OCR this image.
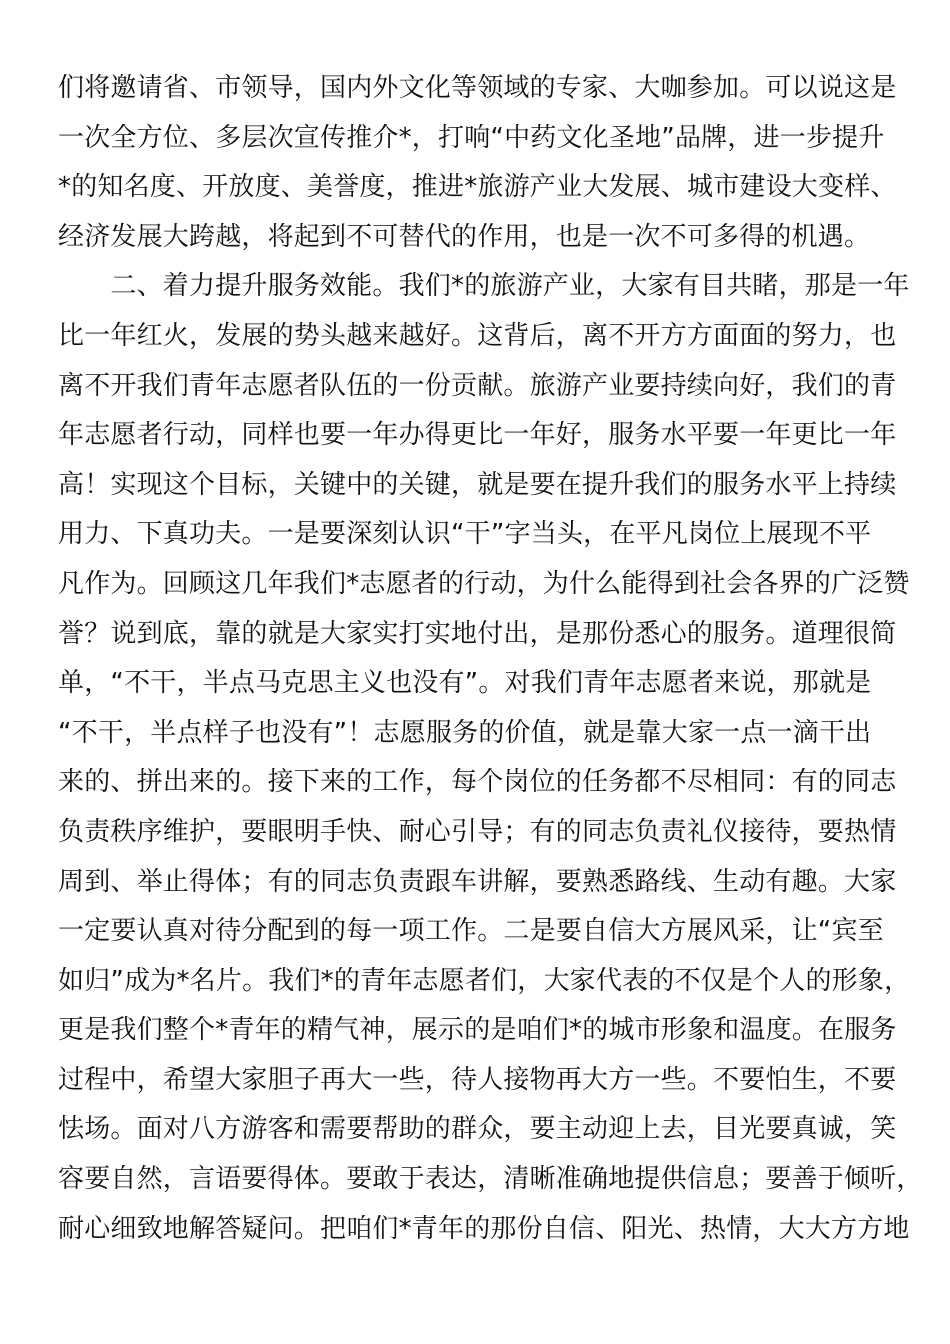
们将邀请省、市领导，国内外文化等领域的专家、大咖参加。可以说这是
一次全方位、多层次宣传推介*，打响“中药文化圣地”品牌，进一步提升
*的知名度、开放度、美誉度，推进*旅游产业大发展、城市建设大变样、
经济发展大跨越，将起到不可替代的作用，也是一次不可多得的机遇。
　　二、着力提升服务效能。我们*的旅游产业，大家有目共睹，那是一年
比一年红火，发展的势头越来越好。这背后，离不开方方面面的努力，也
离不开我们青年志愿者队伍的一份贡献。旅游产业要持续向好，我们的青
年志愿者行动，同样也要一年办得更比一年好，服务水平要一年更比一年
高！实现这个目标，关键中的关键，就是要在提升我们的服务水平上持续
用力、下真功夫。一是要深刻认识“干”字当头，在平凡岗位上展现不平
凡作为。回顾这几年我们*志愿者的行动，为什么能得到社会各界的广泛赞
誉？说到底，靠的就是大家实打实地付出，是那份悉心的服务。道理很简
单，“不干，半点马克思主义也没有”。对我们青年志愿者来说，那就是
“不干，半点样子也没有”！志愿服务的价值，就是靠大家一点一滴干出
来的、拼出来的。接下来的工作，每个岗位的任务都不尽相同：有的同志
负责秩序维护，要眼明手快、耐心引导；有的同志负责礼仪接待，要热情
周到、举止得体；有的同志负责跟车讲解，要熟悉路线、生动有趣。大家
一定要认真对待分配到的每一项工作。二是要自信大方展风采，让“宾至
如归”成为*名片。我们*的青年志愿者们，大家代表的不仅是个人的形象，
更是我们整个*青年的精气神，展示的是咱们*的城市形象和温度。在服务
过程中，希望大家胆子再大一些，待人接物再大方一些。不要怕生，不要
怯场。面对八方游客和需要帮助的群众，要主动迎上去，目光要真诚，笑
容要自然，言语要得体。要敢于表达，清晰准确地提供信息；要善于倾听，
耐心细致地解答疑问。把咱们*青年的那份自信、阳光、热情，大大方方地
